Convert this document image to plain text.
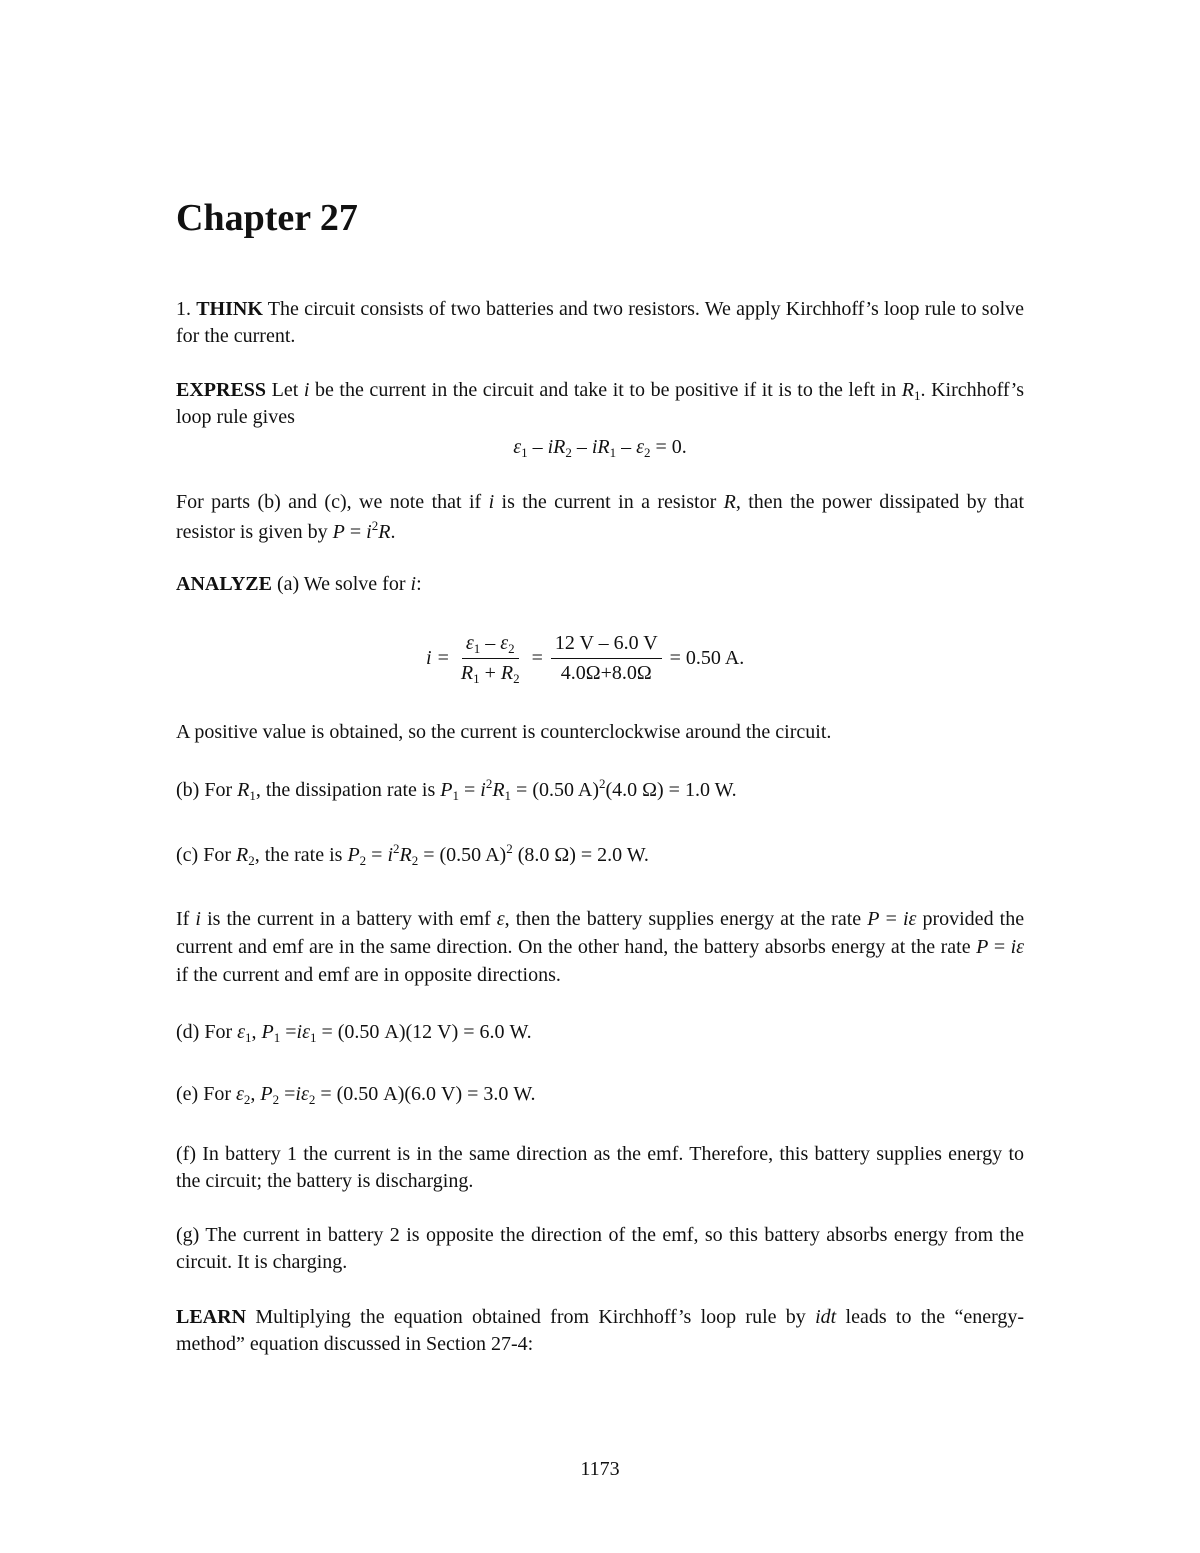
Chapter 27
1. THINK The circuit consists of two batteries and two resistors. We apply Kirchhoff’s loop rule to solve for the current.
EXPRESS Let i be the current in the circuit and take it to be positive if it is to the left in $R_1$. Kirchhoff’s loop rule gives
$\varepsilon_1 - iR_2 - iR_1 - \varepsilon_2 = 0$.
For parts (b) and (c), we note that if i is the current in a resistor R, then the power dissipated by that resistor is given by $P = i^2R$.
ANALYZE (a) We solve for i:
$i = \frac{\varepsilon_1 - \varepsilon_2}{R_1 + R_2} = \frac{12 V - 6.0 V}{4.0\Omega+8.0\Omega} = 0.50$ A.
A positive value is obtained, so the current is counterclockwise around the circuit.
(b) For $R_1$, the dissipation rate is $P_1 = i^2R_1 = (0.50$ A)$^2$(4.0 Ω) = 1.0 W.
(c) For $R_2$, the rate is $P_2 = i^2R_2 = (0.50$ A)$^2$ (8.0 Ω) = 2.0 W.
If i is the current in a battery with emf ε, then the battery supplies energy at the rate P = iε provided the current and emf are in the same direction. On the other hand, the battery absorbs energy at the rate P = iε if the current and emf are in opposite directions.
(d) For $\varepsilon_1$, $P_1 =i\varepsilon_1 = (0.50$ A)(12 V) = 6.0 W.
(e) For $\varepsilon_2$, $P_2 =i\varepsilon_2 = (0.50$ A)(6.0 V) = 3.0 W.
(f) In battery 1 the current is in the same direction as the emf. Therefore, this battery supplies energy to the circuit; the battery is discharging.
(g) The current in battery 2 is opposite the direction of the emf, so this battery absorbs energy from the circuit. It is charging.
LEARN Multiplying the equation obtained from Kirchhoff’s loop rule by idt leads to the “energy-method” equation discussed in Section 27-4:
1173
